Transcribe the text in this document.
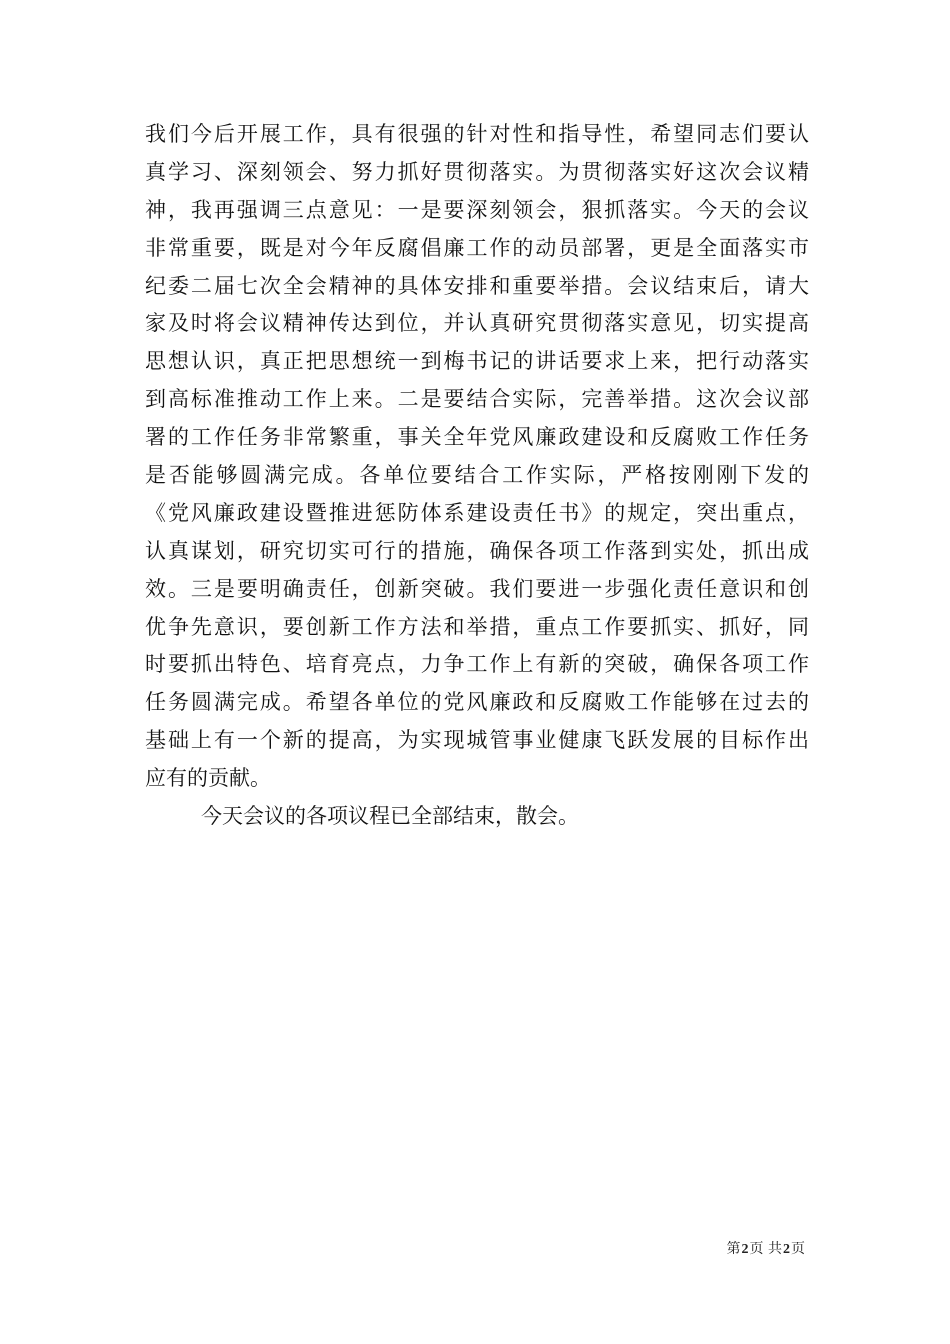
我们今后开展工作，具有很强的针对性和指导性，希望同志们要认
真学习、深刻领会、努力抓好贯彻落实。为贯彻落实好这次会议精
神，我再强调三点意见：一是要深刻领会，狠抓落实。今天的会议
非常重要，既是对今年反腐倡廉工作的动员部署，更是全面落实市
纪委二届七次全会精神的具体安排和重要举措。会议结束后，请大
家及时将会议精神传达到位，并认真研究贯彻落实意见，切实提高
思想认识，真正把思想统一到梅书记的讲话要求上来，把行动落实
到高标准推动工作上来。二是要结合实际，完善举措。这次会议部
署的工作任务非常繁重，事关全年党风廉政建设和反腐败工作任务
是否能够圆满完成。各单位要结合工作实际，严格按刚刚下发的
《党风廉政建设暨推进惩防体系建设责任书》的规定，突出重点，
认真谋划，研究切实可行的措施，确保各项工作落到实处，抓出成
效。三是要明确责任，创新突破。我们要进一步强化责任意识和创
优争先意识，要创新工作方法和举措，重点工作要抓实、抓好，同
时要抓出特色、培育亮点，力争工作上有新的突破，确保各项工作
任务圆满完成。希望各单位的党风廉政和反腐败工作能够在过去的
基础上有一个新的提高，为实现城管事业健康飞跃发展的目标作出
应有的贡献。
今天会议的各项议程已全部结束，散会。
第2页 共2页
